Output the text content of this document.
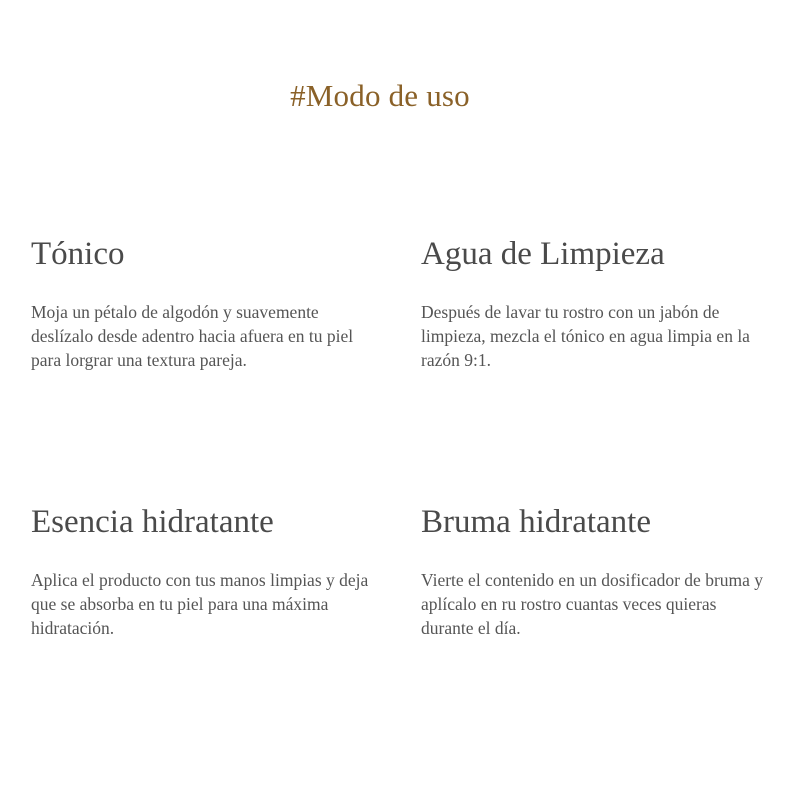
#Modo de uso
Tónico

Moja un pétalo de algodón y suavemente deslízalo desde adentro hacia afuera en tu piel para lorgrar una textura pareja.

Agua de Limpieza

Después de lavar tu rostro con un jabón de limpieza, mezcla el tónico en agua limpia en la razón 9:1.

Esencia hidratante

Aplica el producto con tus manos limpias y deja que se absorba en tu piel para una máxima hidratación.

Bruma hidratante

Vierte el contenido en un dosificador de bruma y aplícalo en ru rostro cuantas veces quieras durante el día.
